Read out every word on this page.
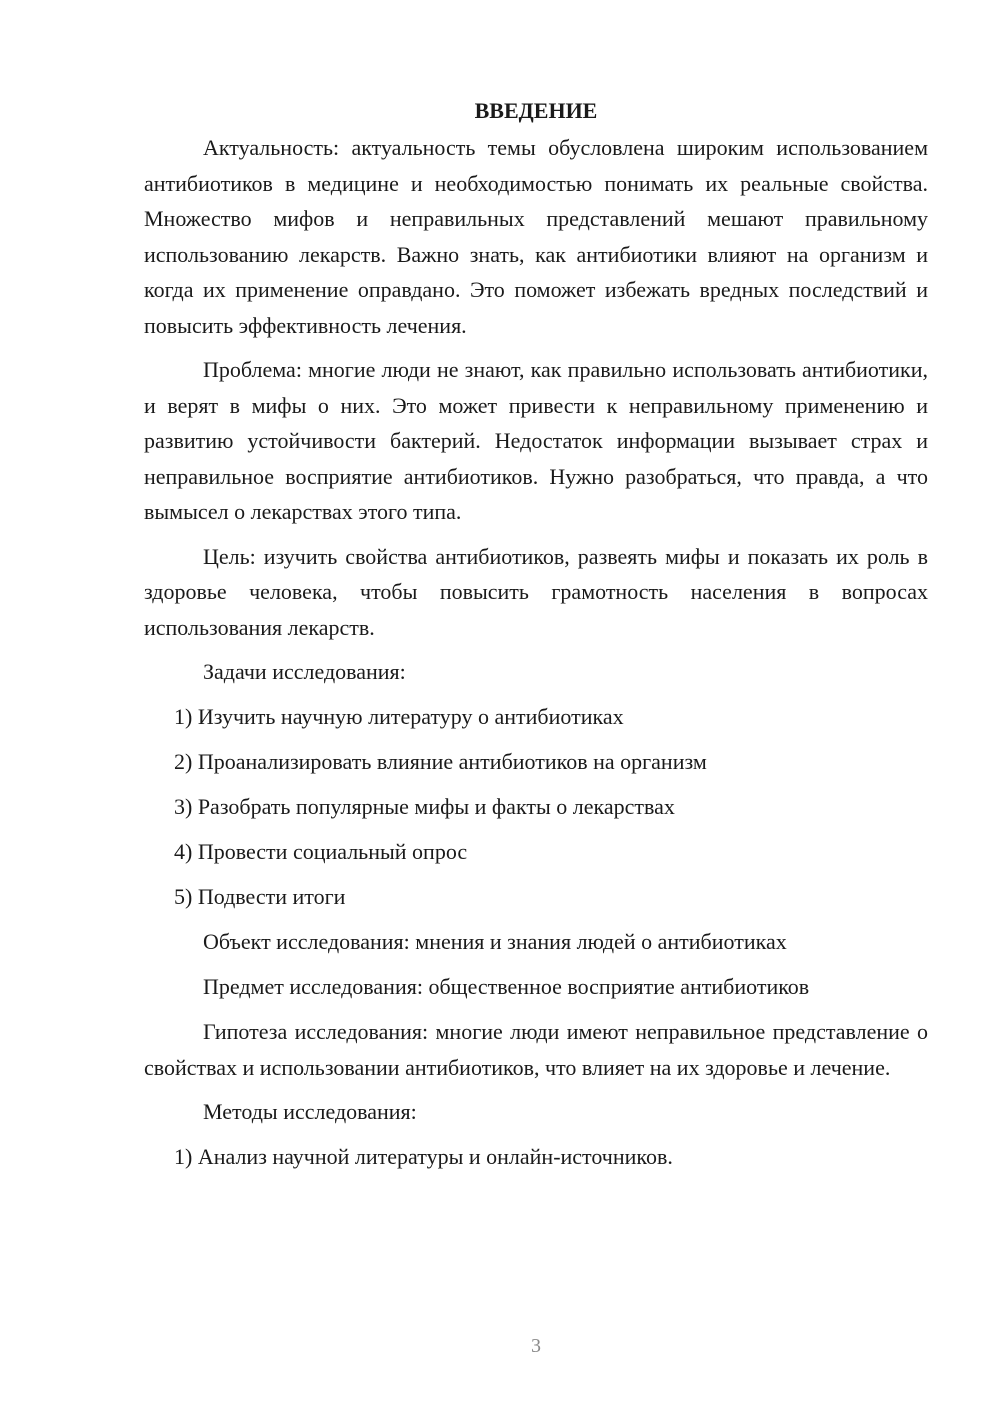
ВВЕДЕНИЕ

Актуальность: актуальность темы обусловлена широким использованием антибиотиков в медицине и необходимостью понимать их реальные свойства. Множество мифов и неправильных представлений мешают правильному использованию лекарств. Важно знать, как антибиотики влияют на организм и когда их применение оправдано. Это поможет избежать вредных последствий и повысить эффективность лечения.

Проблема: многие люди не знают, как правильно использовать антибиотики, и верят в мифы о них. Это может привести к неправильному применению и развитию устойчивости бактерий. Недостаток информации вызывает страх и неправильное восприятие антибиотиков. Нужно разобраться, что правда, а что вымысел о лекарствах этого типа.

Цель: изучить свойства антибиотиков, развеять мифы и показать их роль в здоровье человека, чтобы повысить грамотность населения в вопросах использования лекарств.

Задачи исследования:

1) Изучить научную литературу о антибиотиках

2) Проанализировать влияние антибиотиков на организм

3) Разобрать популярные мифы и факты о лекарствах

4) Провести социальный опрос

5) Подвести итоги

Объект исследования: мнения и знания людей о антибиотиках

Предмет исследования: общественное восприятие антибиотиков

Гипотеза исследования: многие люди имеют неправильное представление о свойствах и использовании антибиотиков, что влияет на их здоровье и лечение.

Методы исследования:

1) Анализ научной литературы и онлайн-источников.

3
